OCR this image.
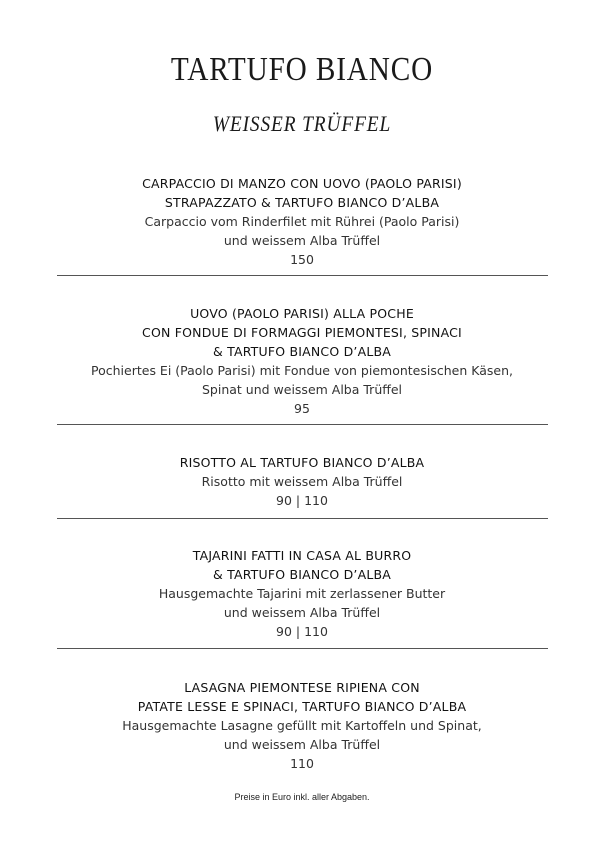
TARTUFO BIANCO
WEISSER TRÜFFEL
CARPACCIO DI MANZO CON UOVO (PAOLO PARISI)
STRAPAZZATO & TARTUFO BIANCO D’ALBA
Carpaccio vom Rinderfilet mit Rührei (Paolo Parisi)
und weissem Alba Trüffel
150
UOVO (PAOLO PARISI) ALLA POCHE
CON FONDUE DI FORMAGGI PIEMONTESI, SPINACI
& TARTUFO BIANCO D’ALBA
Pochiertes Ei (Paolo Parisi) mit Fondue von piemontesischen Käsen,
Spinat und weissem Alba Trüffel
95
RISOTTO AL TARTUFO BIANCO D’ALBA
Risotto mit weissem Alba Trüffel
90 | 110
TAJARINI FATTI IN CASA AL BURRO
& TARTUFO BIANCO D’ALBA
Hausgemachte Tajarini mit zerlassener Butter
und weissem Alba Trüffel
90 | 110
LASAGNA PIEMONTESE RIPIENA CON
PATATE LESSE E SPINACI, TARTUFO BIANCO D’ALBA
Hausgemachte Lasagne gefüllt mit Kartoffeln und Spinat,
und weissem Alba Trüffel
110
Preise in Euro inkl. aller Abgaben.
